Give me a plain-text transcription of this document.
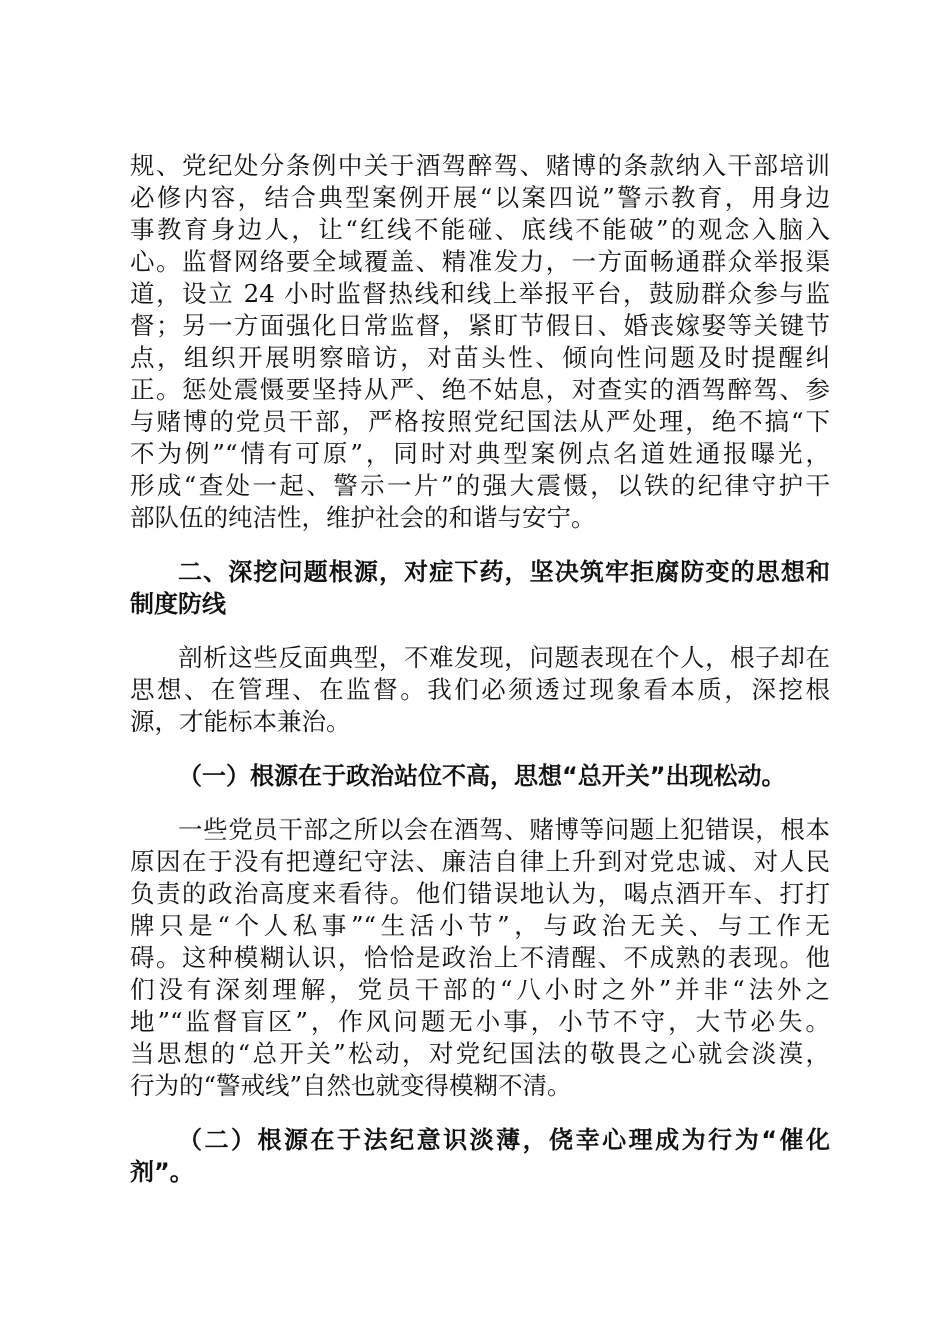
规、党纪处分条例中关于酒驾醉驾、赌博的条款纳入干部培训
必修内容，结合典型案例开展“以案四说”警示教育，用身边
事教育身边人，让“红线不能碰、底线不能破”的观念入脑入
心。监督网络要全域覆盖、精准发力，一方面畅通群众举报渠
道，设立 24 小时监督热线和线上举报平台，鼓励群众参与监
督；另一方面强化日常监督，紧盯节假日、婚丧嫁娶等关键节
点，组织开展明察暗访，对苗头性、倾向性问题及时提醒纠
正。惩处震慑要坚持从严、绝不姑息，对查实的酒驾醉驾、参
与赌博的党员干部，严格按照党纪国法从严处理，绝不搞“下
不为例”“情有可原”，同时对典型案例点名道姓通报曝光，
形成“查处一起、警示一片”的强大震慑，以铁的纪律守护干
部队伍的纯洁性，维护社会的和谐与安宁。
二、深挖问题根源，对症下药，坚决筑牢拒腐防变的思想和
制度防线
剖析这些反面典型，不难发现，问题表现在个人，根子却在
思想、在管理、在监督。我们必须透过现象看本质，深挖根
源，才能标本兼治。
（一）根源在于政治站位不高，思想“总开关”出现松动。
一些党员干部之所以会在酒驾、赌博等问题上犯错误，根本
原因在于没有把遵纪守法、廉洁自律上升到对党忠诚、对人民
负责的政治高度来看待。他们错误地认为，喝点酒开车、打打
牌只是“个人私事”“生活小节”，与政治无关、与工作无
碍。这种模糊认识，恰恰是政治上不清醒、不成熟的表现。他
们没有深刻理解，党员干部的“八小时之外”并非“法外之
地”“监督盲区”，作风问题无小事，小节不守，大节必失。
当思想的“总开关”松动，对党纪国法的敬畏之心就会淡漠，
行为的“警戒线”自然也就变得模糊不清。
（二）根源在于法纪意识淡薄，侥幸心理成为行为“催化
剂”。
